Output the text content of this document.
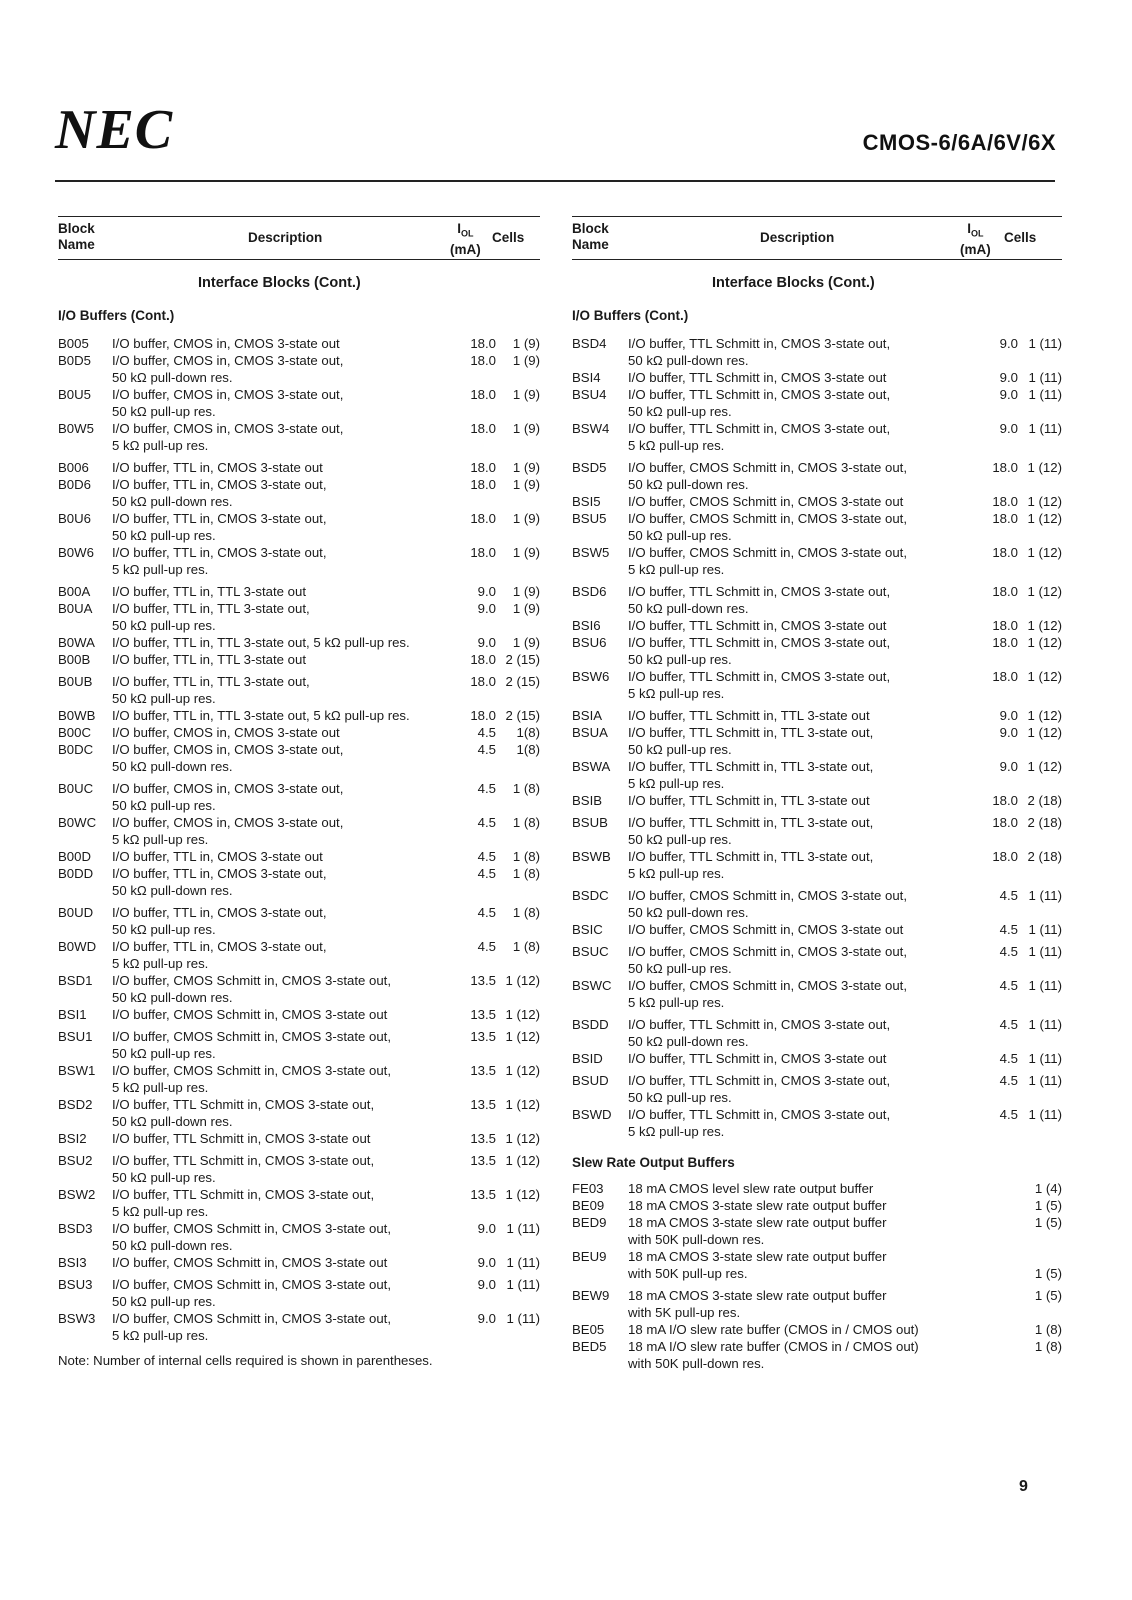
NEC	CMOS-6/6A/6V/6X
Block
Name	Description
$I_{OL}$
(mA)
Cells
Interface Blocks (Cont.)
I/O Buffers (Cont.)
B005	I/O buffer, CMOS in, CMOS 3-state out	18.0	1 (9)
B0D5	I/O buffer, CMOS in, CMOS 3-state out,
50 kΩ pull-down res.
18.0	1 (9)
B0U5	I/O buffer, CMOS in, CMOS 3-state out,
50 kΩ pull-up res.
18.0	1 (9)
B0W5	I/O buffer, CMOS in, CMOS 3-state out,
5 kΩ pull-up res.
18.0	1 (9)
B006	I/O buffer, TTL in, CMOS 3-state out	18.0	1 (9)
B0D6	I/O buffer, TTL in, CMOS 3-state out,
50 kΩ pull-down res.
18.0	1 (9)
B0U6	I/O buffer, TTL in, CMOS 3-state out,
50 kΩ pull-up res.
18.0	1 (9)
B0W6	I/O buffer, TTL in, CMOS 3-state out,
5 kΩ pull-up res.
18.0	1 (9)
B00A	I/O buffer, TTL in, TTL 3-state out	9.0	1 (9)
B0UA	I/O buffer, TTL in, TTL 3-state out,
50 kΩ pull-up res.
9.0	1 (9)
B0WA	I/O buffer, TTL in, TTL 3-state out, 5 kΩ pull-up res.	9.0	1 (9)
B00B	I/O buffer, TTL in, TTL 3-state out	18.0 2 (15)
B0UB	I/O buffer, TTL in, TTL 3-state out,
50 kΩ pull-up res.
18.0 2 (15)
B0WB	I/O buffer, TTL in, TTL 3-state out, 5 kΩ pull-up res.	18.0 2 (15)
B00C	I/O buffer, CMOS in, CMOS 3-state out	4.5	1(8)
B0DC	I/O buffer, CMOS in, CMOS 3-state out,
50 kΩ pull-down res.
4.5	1(8)
B0UC	I/O buffer, CMOS in, CMOS 3-state out,
50 kΩ pull-up res.
4.5	1 (8)
B0WC	I/O buffer, CMOS in, CMOS 3-state out,
5 kΩ pull-up res.
4.5	1 (8)
B00D	I/O buffer, TTL in, CMOS 3-state out	4.5	1 (8)
B0DD	I/O buffer, TTL in, CMOS 3-state out,
50 kΩ pull-down res.
4.5	1 (8)
B0UD	I/O buffer, TTL in, CMOS 3-state out,
50 kΩ pull-up res.
4.5	1 (8)
B0WD	I/O buffer, TTL in, CMOS 3-state out,
5 kΩ pull-up res.
4.5	1 (8)
BSD1	I/O buffer, CMOS Schmitt in, CMOS 3-state out,
50 kΩ pull-down res.
13.5 1 (12)
BSI1	I/O buffer, CMOS Schmitt in, CMOS 3-state out	13.5 1 (12)
BSU1	I/O buffer, CMOS Schmitt in, CMOS 3-state out,
50 kΩ pull-up res.
13.5 1 (12)
BSW1	I/O buffer, CMOS Schmitt in, CMOS 3-state out,
5 kΩ pull-up res.
13.5 1 (12)
BSD2	I/O buffer, TTL Schmitt in, CMOS 3-state out,
50 kΩ pull-down res.
13.5 1 (12)
BSI2	I/O buffer, TTL Schmitt in, CMOS 3-state out	13.5 1 (12)
BSU2	I/O buffer, TTL Schmitt in, CMOS 3-state out,
50 kΩ pull-up res.
13.5 1 (12)
BSW2	I/O buffer, TTL Schmitt in, CMOS 3-state out,
5 kΩ pull-up res.
13.5 1 (12)
BSD3	I/O buffer, CMOS Schmitt in, CMOS 3-state out,
50 kΩ pull-down res.
9.0 1 (11)
BSI3	I/O buffer, CMOS Schmitt in, CMOS 3-state out	9.0 1 (11)
BSU3	I/O buffer, CMOS Schmitt in, CMOS 3-state out,
50 kΩ pull-up res.
9.0 1 (11)
BSW3	I/O buffer, CMOS Schmitt in, CMOS 3-state out,
5 kΩ pull-up res.
9.0 1 (11)
Note: Number of internal cells required is shown in parentheses.
Block
Name	Description
$I_{OL}$
(mA)
Cells
Interface Blocks (Cont.)
I/O Buffers (Cont.)
BSD4	I/O buffer, TTL Schmitt in, CMOS 3-state out,
50 kΩ pull-down res.
9.0 1 (11)
BSI4	I/O buffer, TTL Schmitt in, CMOS 3-state out	9.0 1 (11)
BSU4	I/O buffer, TTL Schmitt in, CMOS 3-state out,
50 kΩ pull-up res.
9.0 1 (11)
BSW4	I/O buffer, TTL Schmitt in, CMOS 3-state out,
5 kΩ pull-up res.
9.0 1 (11)
BSD5	I/O buffer, CMOS Schmitt in, CMOS 3-state out,
50 kΩ pull-down res.
18.0 1 (12)
BSI5	I/O buffer, CMOS Schmitt in, CMOS 3-state out	18.0 1 (12)
BSU5	I/O buffer, CMOS Schmitt in, CMOS 3-state out,
50 kΩ pull-up res.
18.0 1 (12)
BSW5	I/O buffer, CMOS Schmitt in, CMOS 3-state out,
5 kΩ pull-up res.
18.0 1 (12)
BSD6	I/O buffer, TTL Schmitt in, CMOS 3-state out,
50 kΩ pull-down res.
18.0 1 (12)
BSI6	I/O buffer, TTL Schmitt in, CMOS 3-state out	18.0 1 (12)
BSU6	I/O buffer, TTL Schmitt in, CMOS 3-state out,
50 kΩ pull-up res.
18.0 1 (12)
BSW6	I/O buffer, TTL Schmitt in, CMOS 3-state out,
5 kΩ pull-up res.
18.0 1 (12)
BSIA	I/O buffer, TTL Schmitt in, TTL 3-state out	9.0 1 (12)
BSUA	I/O buffer, TTL Schmitt in, TTL 3-state out,
50 kΩ pull-up res.
9.0 1 (12)
BSWA	I/O buffer, TTL Schmitt in, TTL 3-state out,
5 kΩ pull-up res.
9.0 1 (12)
BSIB	I/O buffer, TTL Schmitt in, TTL 3-state out	18.0 2 (18)
BSUB	I/O buffer, TTL Schmitt in, TTL 3-state out,
50 kΩ pull-up res.
18.0 2 (18)
BSWB	I/O buffer, TTL Schmitt in, TTL 3-state out,
5 kΩ pull-up res.
18.0 2 (18)
BSDC	I/O buffer, CMOS Schmitt in, CMOS 3-state out,
50 kΩ pull-down res.
4.5 1 (11)
BSIC	I/O buffer, CMOS Schmitt in, CMOS 3-state out	4.5 1 (11)
BSUC	I/O buffer, CMOS Schmitt in, CMOS 3-state out,
50 kΩ pull-up res.
4.5 1 (11)
BSWC	I/O buffer, CMOS Schmitt in, CMOS 3-state out,
5 kΩ pull-up res.
4.5 1 (11)
BSDD	I/O buffer, TTL Schmitt in, CMOS 3-state out,
50 kΩ pull-down res.
4.5 1 (11)
BSID	I/O buffer, TTL Schmitt in, CMOS 3-state out	4.5 1 (11)
BSUD	I/O buffer, TTL Schmitt in, CMOS 3-state out,
50 kΩ pull-up res.
4.5 1 (11)
BSWD	I/O buffer, TTL Schmitt in, CMOS 3-state out,
5 kΩ pull-up res.
4.5 1 (11)
Slew Rate Output Buffers
FE03	18 mA CMOS level slew rate output buffer	1 (4)
BE09	18 mA CMOS 3-state slew rate output buffer	1 (5)
BED9	18 mA CMOS 3-state slew rate output buffer
with 50K pull-down res.
1 (5)
BEU9	18 mA CMOS 3-state slew rate output buffer
with 50K pull-up res.	1 (5)
BEW9	18 mA CMOS 3-state slew rate output buffer
with 5K pull-up res.
1 (5)
BE05	18 mA I/O slew rate buffer (CMOS in / CMOS out)	1 (8)
BED5	18 mA I/O slew rate buffer (CMOS in / CMOS out)
with 50K pull-down res.
1 (8)
9
